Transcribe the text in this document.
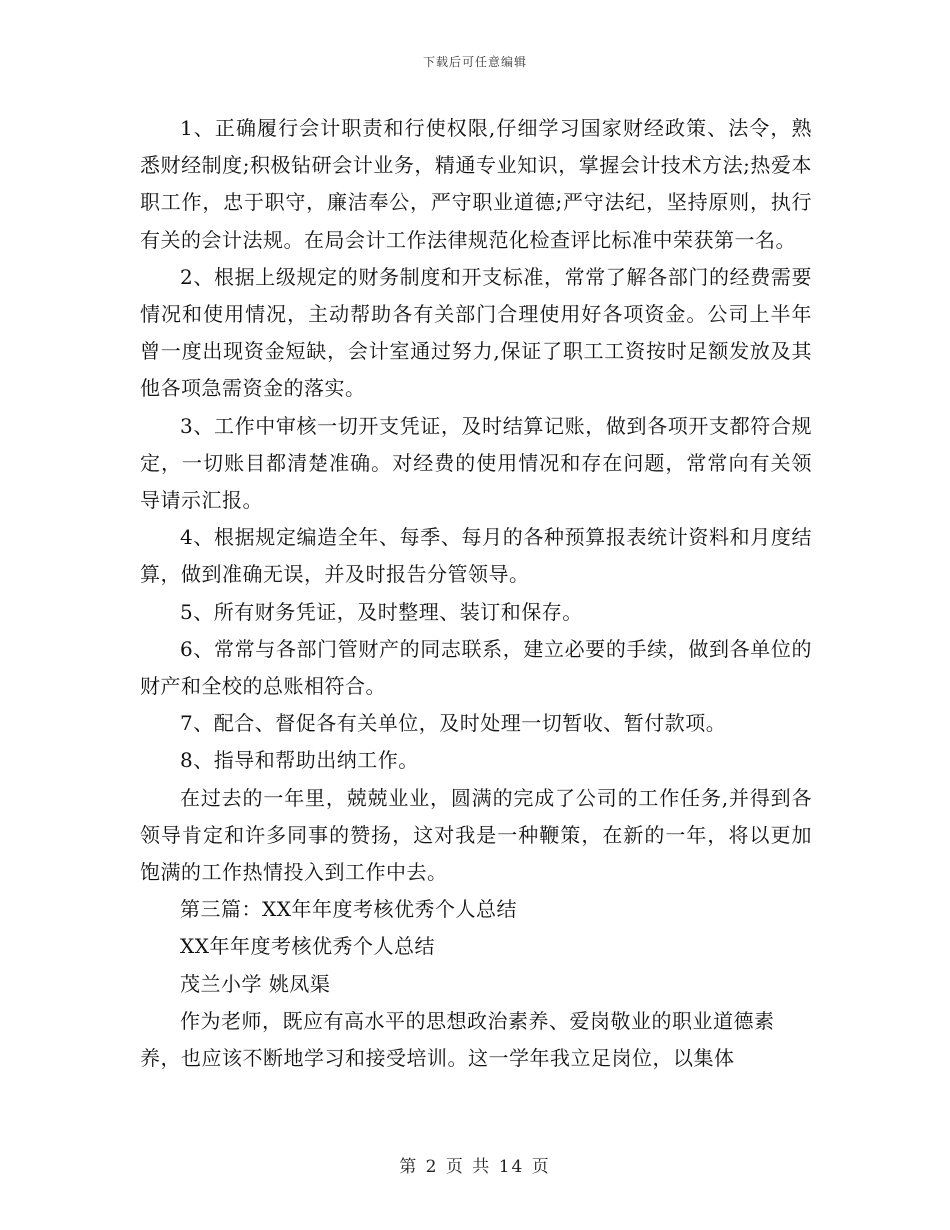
下载后可任意编辑

1、正确履行会计职责和行使权限,仔细学习国家财经政策、法令，熟悉财经制度;积极钻研会计业务，精通专业知识，掌握会计技术方法;热爱本职工作，忠于职守，廉洁奉公，严守职业道德;严守法纪，坚持原则，执行有关的会计法规。在局会计工作法律规范化检查评比标准中荣获第一名。

2、根据上级规定的财务制度和开支标准，常常了解各部门的经费需要情况和使用情况，主动帮助各有关部门合理使用好各项资金。公司上半年曾一度出现资金短缺，会计室通过努力,保证了职工工资按时足额发放及其他各项急需资金的落实。

3、工作中审核一切开支凭证，及时结算记账，做到各项开支都符合规定，一切账目都清楚准确。对经费的使用情况和存在问题，常常向有关领导请示汇报。

4、根据规定编造全年、每季、每月的各种预算报表统计资料和月度结算，做到准确无误，并及时报告分管领导。

5、所有财务凭证，及时整理、装订和保存。

6、常常与各部门管财产的同志联系，建立必要的手续，做到各单位的财产和全校的总账相符合。

7、配合、督促各有关单位，及时处理一切暂收、暂付款项。

8、指导和帮助出纳工作。

在过去的一年里，兢兢业业，圆满的完成了公司的工作任务,并得到各领导肯定和许多同事的赞扬，这对我是一种鞭策，在新的一年，将以更加饱满的工作热情投入到工作中去。

第三篇：XX年年度考核优秀个人总结

XX年年度考核优秀个人总结

茂兰小学 姚凤渠

作为老师，既应有高水平的思想政治素养、爱岗敬业的职业道德素养，也应该不断地学习和接受培训。这一学年我立足岗位，以集体

第 2 页 共 14 页
